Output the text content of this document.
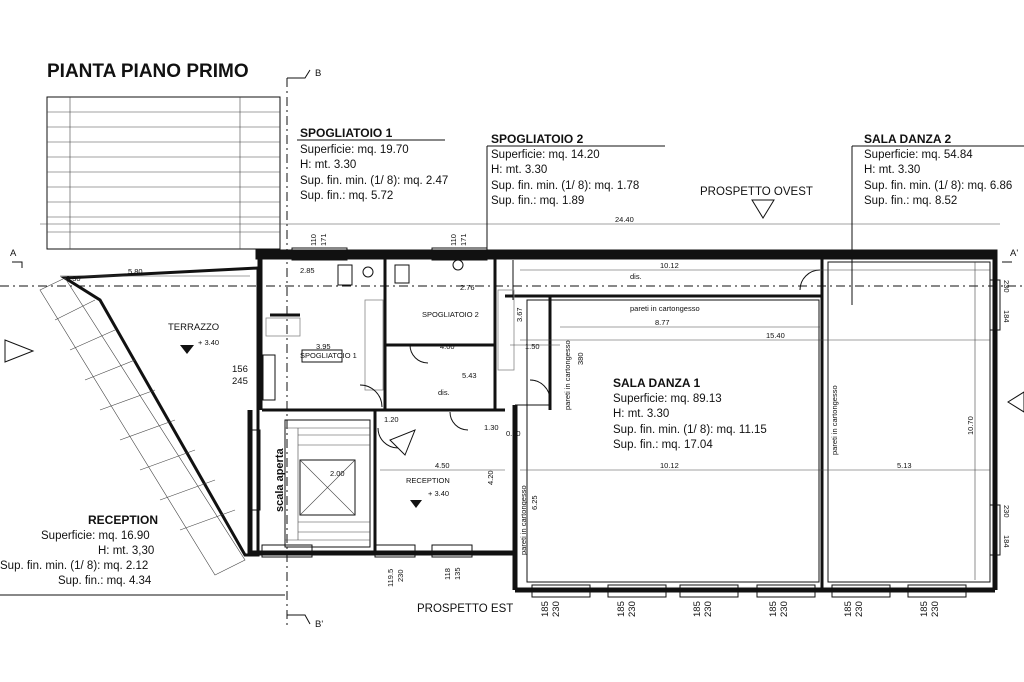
PIANTA PIANO PRIMO
A	A'
B
B'
TERRAZZO
+ 3.40
PROSPETTO OVEST
PROSPETTO EST
scala aperta
185 230	185 230	185 230	185 230	185 230	185 230
24.40
5.80
0.30
10.12
8.77
15.40
10.12	5.13
4.50
5.43
4.00
3.95
2.85
2.76
1.50
2.00
1.30
1.20
0.50	10.70
380
6.25
4.20
3.67
156
245
110 171	110 171
184
230
184
230
119.5 230	118 135
SPOGLIATOIO 1
SPOGLIATOIO 2
RECEPTION
+ 3.40
dis.
dis.
pareti in cartongesso
pareti in cartongesso
pareti in cartongesso
pareti in cartongesso
SPOGLIATOIO 1
Superficie: mq. 19.70
H: mt. 3.30
Sup. fin. min. (1/ 8): mq. 2.47
Sup. fin.: mq. 5.72
SPOGLIATOIO 2
Superficie: mq. 14.20
H: mt. 3.30
Sup. fin. min. (1/ 8): mq. 1.78
Sup. fin.: mq. 1.89
SALA DANZA 2
Superficie: mq. 54.84
H: mt. 3.30
Sup. fin. min. (1/ 8): mq. 6.86
Sup. fin.: mq. 8.52
SALA DANZA 1
Superficie: mq. 89.13
H: mt. 3.30
Sup. fin. min. (1/ 8): mq. 11.15
Sup. fin.: mq. 17.04
RECEPTION
Superficie: mq. 16.90
H: mt. 3,30
Sup. fin. min. (1/ 8): mq. 2.12
Sup. fin.: mq. 4.34
